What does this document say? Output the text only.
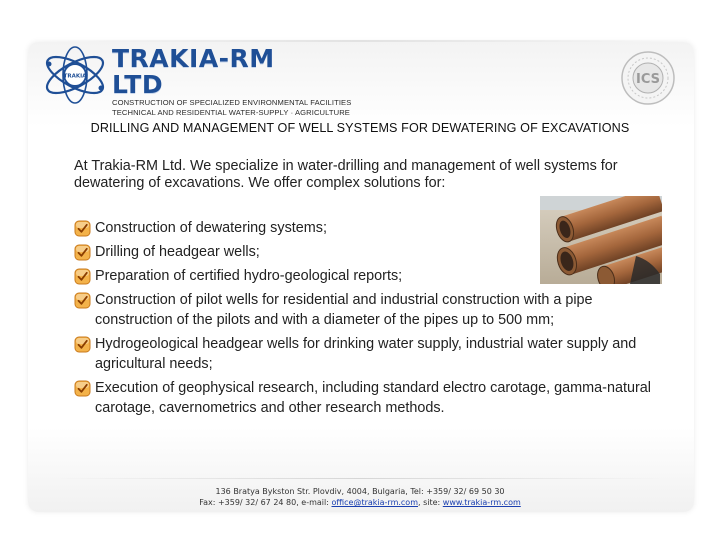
TRAKIA
TRAKIA-RM LTD
CONSTRUCTION OF SPECIALIZED ENVIRONMENTAL FACILITIES
TECHNICAL AND RESIDENTIAL WATER-SUPPLY · AGRICULTURE
ICS
DRILLING AND MANAGEMENT OF WELL SYSTEMS FOR DEWATERING OF EXCAVATIONS
At Trakia-RM Ltd. We specialize in water-drilling and management of well systems for dewatering of excavations. We offer complex solutions for:
Construction of dewatering systems;
Drilling of headgear wells;
Preparation of certified hydro-geological reports;
Construction of pilot wells for residential and industrial construction with a pipe construction of the pilots and with a diameter of the pipes up to 500 mm;
Hydrogeological headgear wells for drinking water supply, industrial water supply and agricultural needs;
Execution of geophysical research, including standard electro carotage, gamma-natural carotage, cavernometrics and other research methods.
136 Bratya Bykston Str. Plovdiv, 4004, Bulgaria, Tel: +359/ 32/ 69 50 30
Fax: +359/ 32/ 67 24 80, e-mail: office@trakia-rm.com, site: www.trakia-rm.com
